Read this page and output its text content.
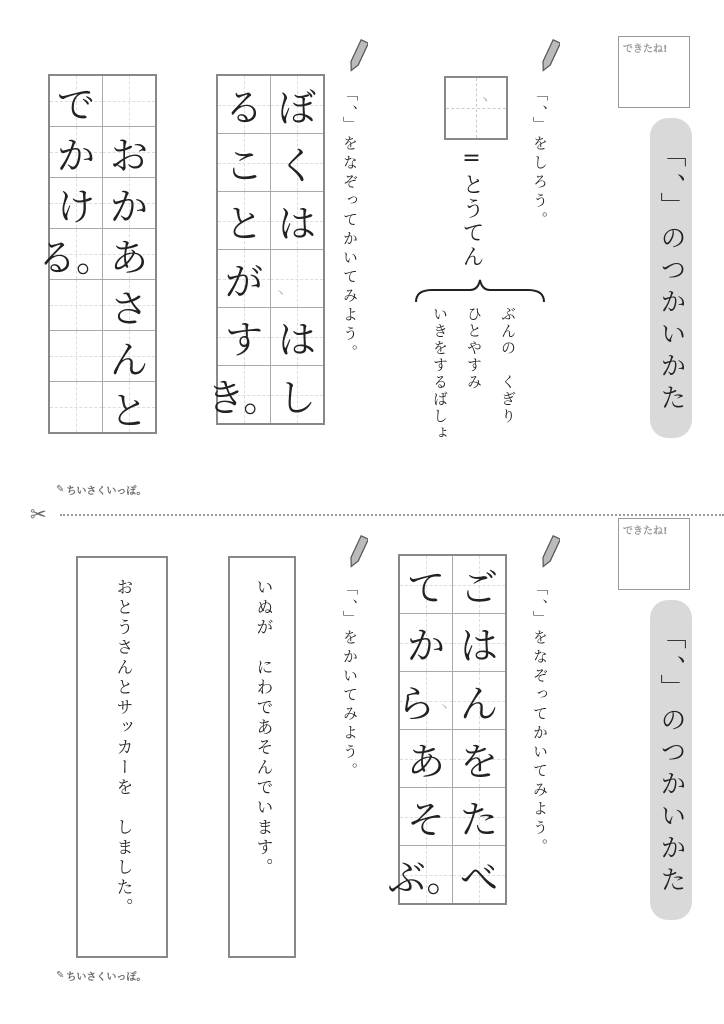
できたね!
「、」のつかいかた
「、」をしろう。
、
=とうてん
ぶんの　くぎり
ひとやすみ
いきをするばしょ
「、」をなぞってかいてみよう。
ぼ
く
は
、
は
し
る
こ
と
が
す
き。
お
か
あ
さ
ん
と
で
か
け
る。
✎ ちいさくいっぽ。
✂
できたね!
「、」のつかいかた
「、」をなぞってかいてみよう。
ご
は
ん
を
た
べ
て
か
ら 、
あ
そ
ぶ。
「、」をかいてみよう。
いぬが　にわであそんでいます。
おとうさんとサッカーを　しました。
✎ ちいさくいっぽ。
